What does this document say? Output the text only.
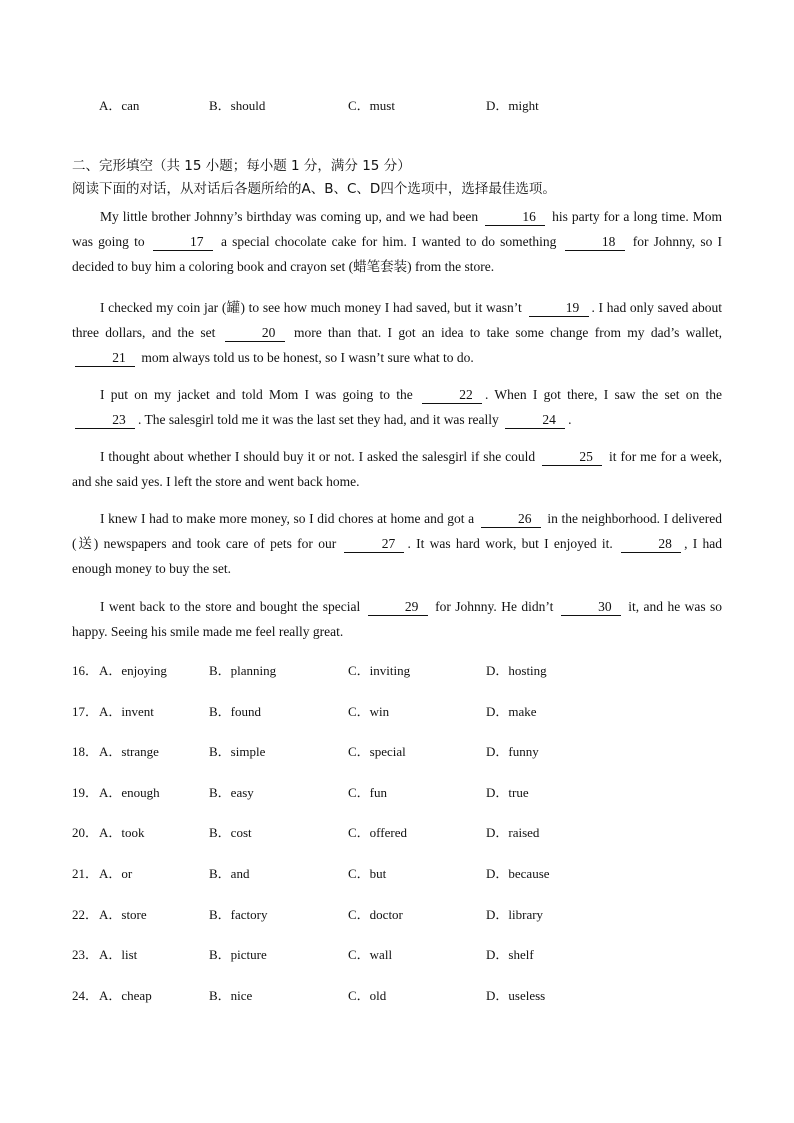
A．can	B．should	C．must	D．might
二、完形填空（共 15 小题；每小题 1 分，满分 15 分）
阅读下面的对话，从对话后各题所给的A、B、C、D四个选项中，选择最佳选项。

My little brother Johnny’s birthday was coming up, and we had been	16 his party for a long time. Mom was going to	17 a special chocolate cake for him. I wanted to do something	18 for Johnny, so I decided to buy him a coloring book and crayon set (蜡笔套装) from the store.

I checked my coin jar (罐) to see how much money I had saved, but it wasn’t	19 . I had only saved about three dollars, and the set	20 more than that. I got an idea to take some change from my dad’s wallet, 21 mom always told us to be honest, so I wasn’t sure what to do.

I put on my jacket and told Mom I was going to the	22 . When I got there, I saw the set on the 23 . The salesgirl told me it was the last set they had, and it was really	24 .

I thought about whether I should buy it or not. I asked the salesgirl if she could	25 it for me for a week, and she said yes. I left the store and went back home.

I knew I had to make more money, so I did chores at home and got a	26 in the neighborhood. I delivered (送) newspapers and took care of pets for our	27 . It was hard work, but I enjoyed it.	28 , I had enough money to buy the set.

I went back to the store and bought the special	29 for Johnny. He didn’t	30 it, and he was so happy. Seeing his smile made me feel really great.

16． A．enjoying	B．planning	C．inviting	D．hosting
17． A．invent	B．found	C．win	D．make
18． A．strange	B．simple	C．special	D．funny
19． A．enough	B．easy	C．fun	D．true
20． A．took	B．cost	C．offered	D．raised
21． A．or	B．and	C．but	D．because
22． A．store	B．factory	C．doctor	D．library
23． A．list	B．picture	C．wall	D．shelf
24． A．cheap	B．nice	C．old	D．useless
